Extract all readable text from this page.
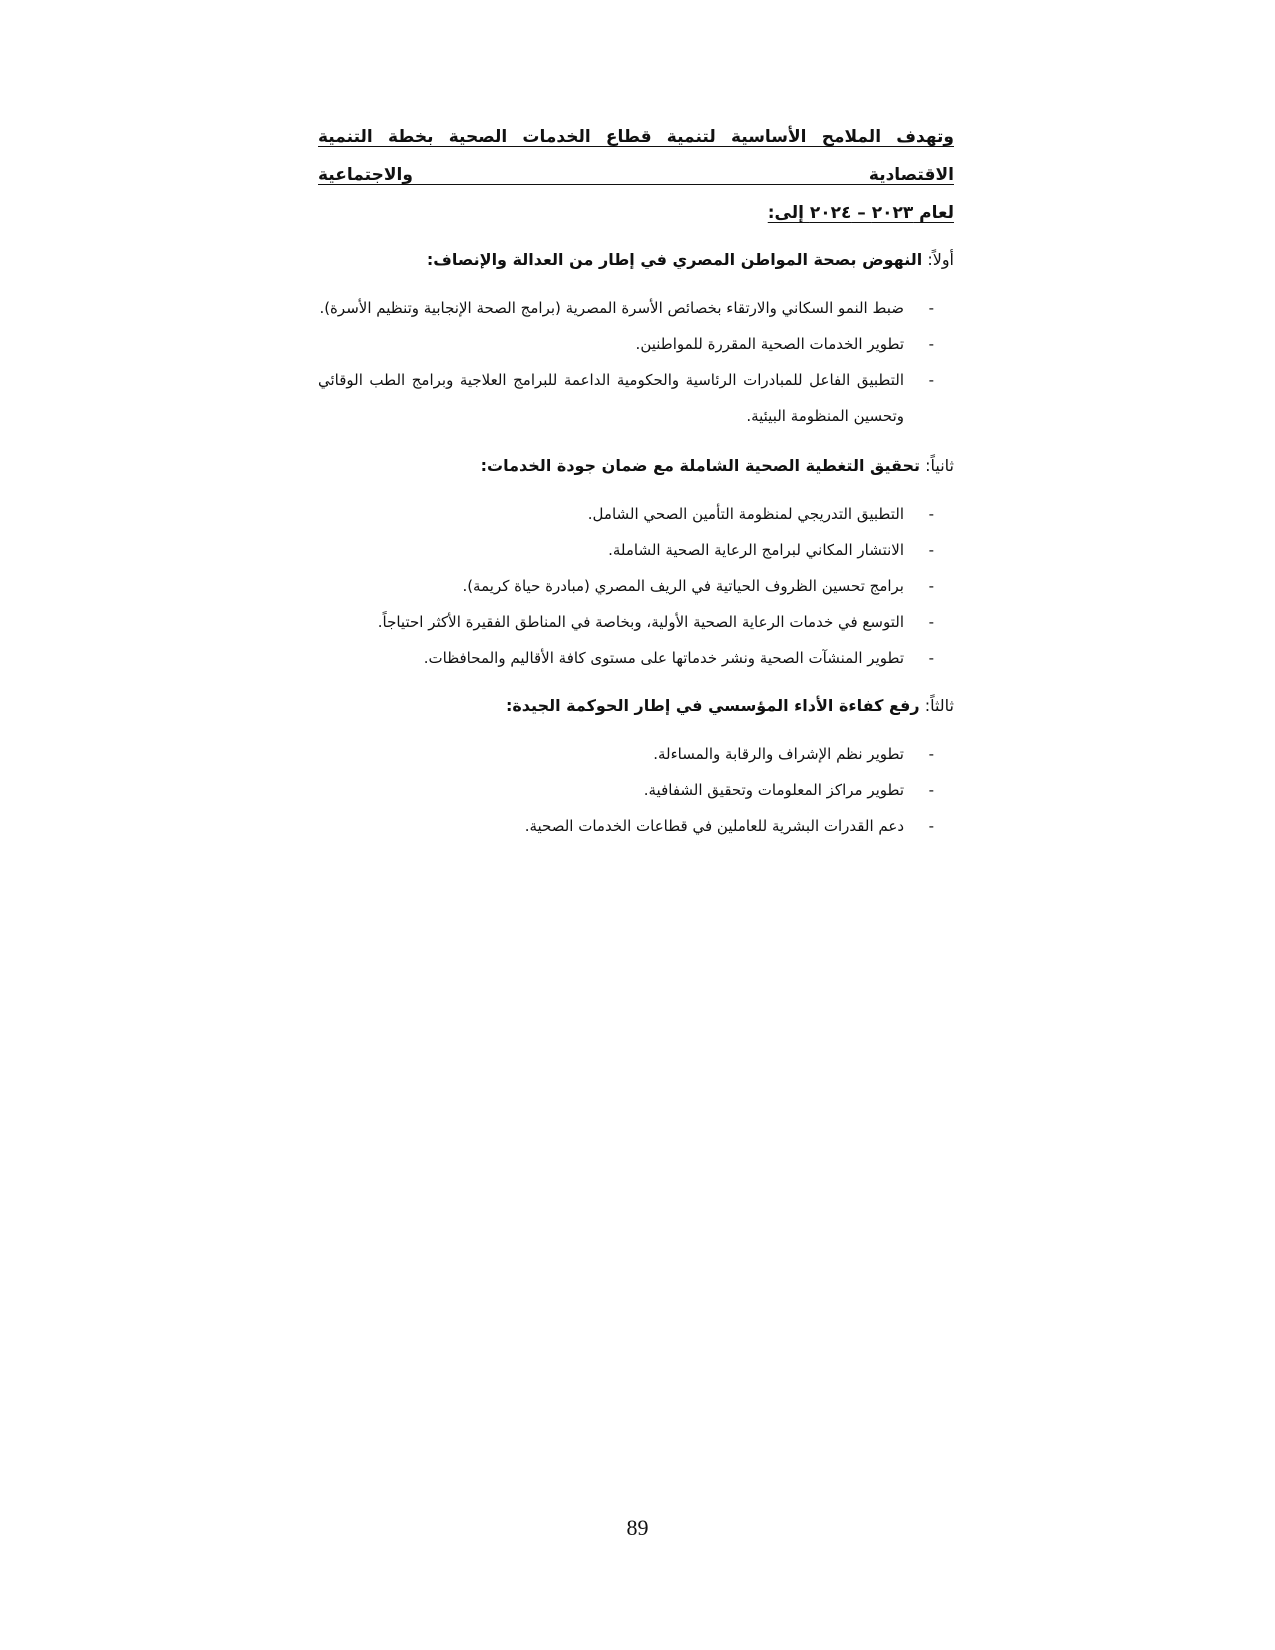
وتهدف الملامح الأساسية لتنمية قطاع الخدمات الصحية بخطة التنمية الاقتصادية والاجتماعية

لعام ٢٠٢٣ – ٢٠٢٤ إلى:

أولاً: النهوض بصحة المواطن المصري في إطار من العدالة والإنصاف:

-
ضبط النمو السكاني والارتقاء بخصائص الأسرة المصرية (برامج الصحة الإنجابية وتنظيم الأسرة).
-
تطوير الخدمات الصحية المقررة للمواطنين.
-
التطبيق الفاعل للمبادرات الرئاسية والحكومية الداعمة للبرامج العلاجية وبرامج الطب الوقائي وتحسين المنظومة البيئية.

ثانياً: تحقيق التغطية الصحية الشاملة مع ضمان جودة الخدمات:

-
التطبيق التدريجي لمنظومة التأمين الصحي الشامل.
-
الانتشار المكاني لبرامج الرعاية الصحية الشاملة.
-
برامج تحسين الظروف الحياتية في الريف المصري (مبادرة حياة كريمة).
-
التوسع في خدمات الرعاية الصحية الأولية، وبخاصة في المناطق الفقيرة الأكثر احتياجاً.
-
تطوير المنشآت الصحية ونشر خدماتها على مستوى كافة الأقاليم والمحافظات.

ثالثاً: رفع كفاءة الأداء المؤسسي في إطار الحوكمة الجيدة:

-
تطوير نظم الإشراف والرقابة والمساءلة.
-
تطوير مراكز المعلومات وتحقيق الشفافية.
-
دعم القدرات البشرية للعاملين في قطاعات الخدمات الصحية.
89
